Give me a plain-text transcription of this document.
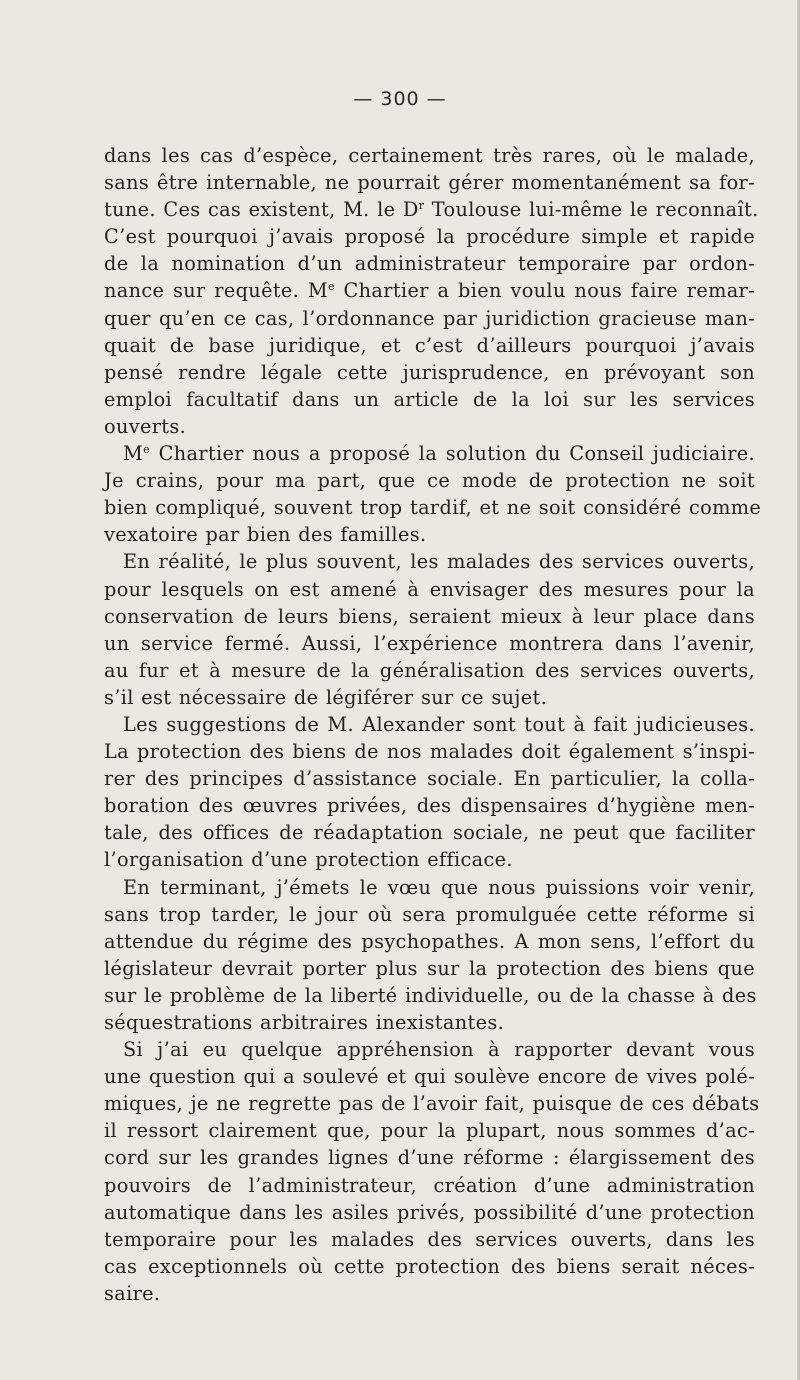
— 300 —
dans les cas d’espèce, certainement très rares, où le malade,
sans être internable, ne pourrait gérer momentanément sa for-
tune. Ces cas existent, M. le $D^r$ Toulouse lui-même le reconnaît.
C’est pourquoi j’avais proposé la procédure simple et rapide
de la nomination d’un administrateur temporaire par ordon-
nance sur requête. Me Chartier a bien voulu nous faire remar-
quer qu’en ce cas, l’ordonnance par juridiction gracieuse man-
quait de base juridique, et c’est d’ailleurs pourquoi j’avais
pensé rendre légale cette jurisprudence, en prévoyant son
emploi facultatif dans un article de la loi sur les services
ouverts.
Me Chartier nous a proposé la solution du Conseil judiciaire.
Je crains, pour ma part, que ce mode de protection ne soit
bien compliqué, souvent trop tardif, et ne soit considéré comme
vexatoire par bien des familles.
En réalité, le plus souvent, les malades des services ouverts,
pour lesquels on est amené à envisager des mesures pour la
conservation de leurs biens, seraient mieux à leur place dans
un service fermé. Aussi, l’expérience montrera dans l’avenir,
au fur et à mesure de la généralisation des services ouverts,
s’il est nécessaire de légiférer sur ce sujet.
Les suggestions de M. Alexander sont tout à fait judicieuses.
La protection des biens de nos malades doit également s’inspi-
rer des principes d’assistance sociale. En particulier, la colla-
boration des œuvres privées, des dispensaires d’hygiène men-
tale, des offices de réadaptation sociale, ne peut que faciliter
l’organisation d’une protection efficace.
En terminant, j’émets le vœu que nous puissions voir venir,
sans trop tarder, le jour où sera promulguée cette réforme si
attendue du régime des psychopathes. A mon sens, l’effort du
législateur devrait porter plus sur la protection des biens que
sur le problème de la liberté individuelle, ou de la chasse à des
séquestrations arbitraires inexistantes.
Si j’ai eu quelque appréhension à rapporter devant vous
une question qui a soulevé et qui soulève encore de vives polé-
miques, je ne regrette pas de l’avoir fait, puisque de ces débats
il ressort clairement que, pour la plupart, nous sommes d’ac-
cord sur les grandes lignes d’une réforme : élargissement des
pouvoirs de l’administrateur, création d’une administration
automatique dans les asiles privés, possibilité d’une protection
temporaire pour les malades des services ouverts, dans les
cas exceptionnels où cette protection des biens serait néces-
saire.
